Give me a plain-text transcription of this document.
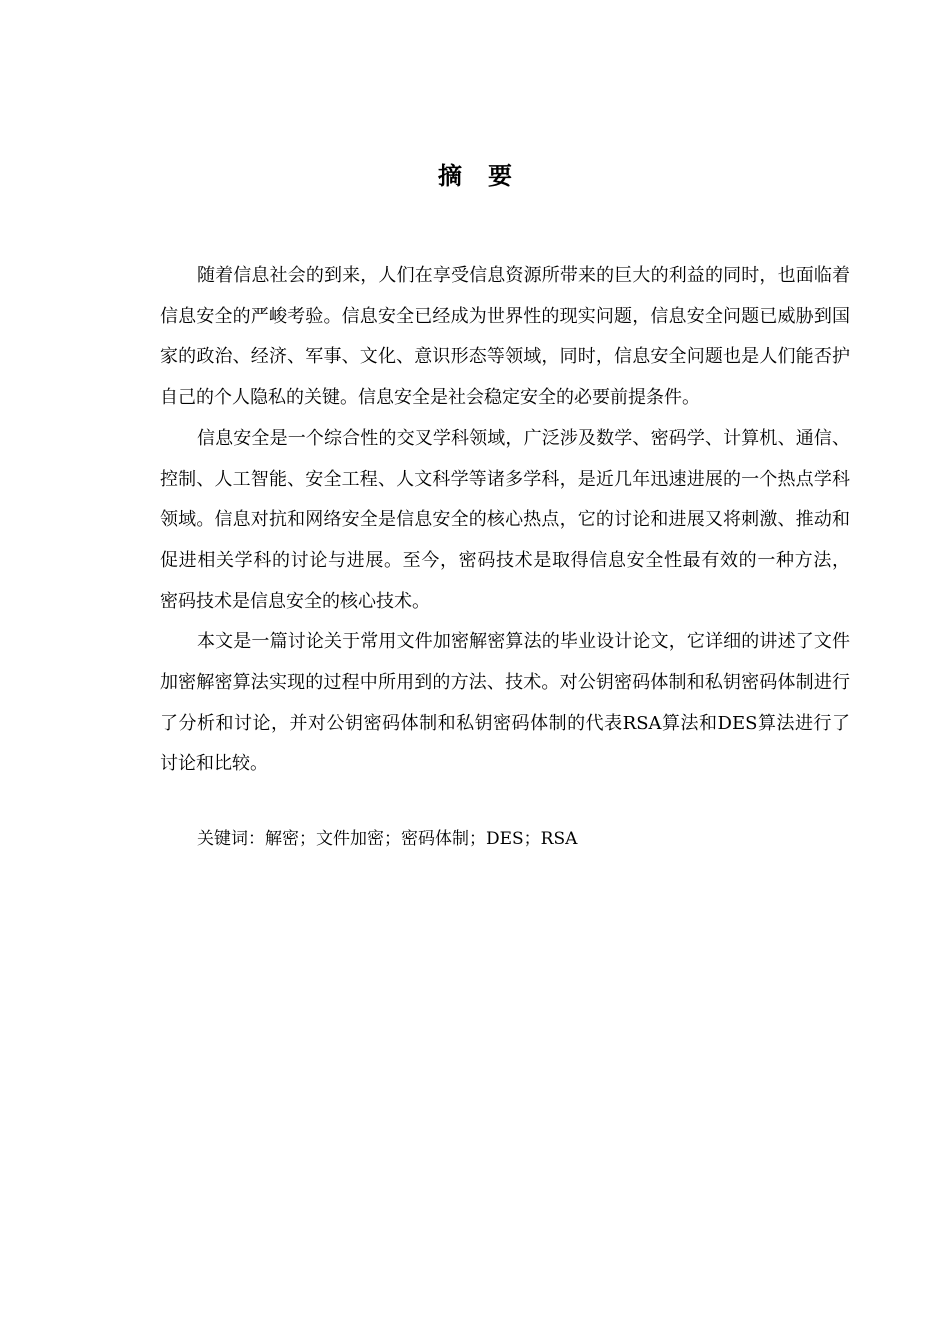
摘要

随着信息社会的到来，人们在享受信息资源所带来的巨大的利益的同时，也面临着信息安全的严峻考验。信息安全已经成为世界性的现实问题，信息安全问题已威胁到国家的政治、经济、军事、文化、意识形态等领域，同时，信息安全问题也是人们能否护自己的个人隐私的关键。信息安全是社会稳定安全的必要前提条件。

信息安全是一个综合性的交叉学科领域，广泛涉及数学、密码学、计算机、通信、控制、人工智能、安全工程、人文科学等诸多学科，是近几年迅速进展的一个热点学科领域。信息对抗和网络安全是信息安全的核心热点，它的讨论和进展又将刺激、推动和促进相关学科的讨论与进展。至今，密码技术是取得信息安全性最有效的一种方法，  密码技术是信息安全的核心技术。

本文是一篇讨论关于常用文件加密解密算法的毕业设计论文，它详细的讲述了文件加密解密算法实现的过程中所用到的方法、技术。对公钥密码体制和私钥密码体制进行了分析和讨论，并对公钥密码体制和私钥密码体制的代表RSA算法和DES算法进行了讨论和比较。

关键词：解密；文件加密；密码体制；DES；RSA
